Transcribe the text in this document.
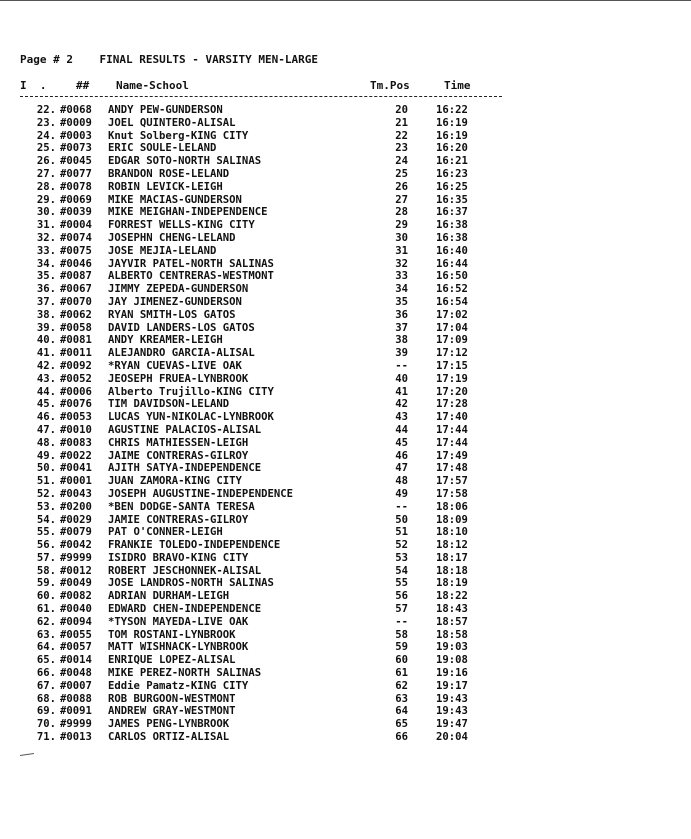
Page # 2 FINAL RESULTS - VARSITY MEN-LARGE
I  .	## Name-School	Tm.Pos	Time
22. #0068 ANDY PEW-GUNDERSON	20	16:22
23. #0009 JOEL QUINTERO-ALISAL	21	16:19
24. #0003 Knut Solberg-KING CITY	22	16:19
25. #0073 ERIC SOULE-LELAND	23	16:20
26. #0045 EDGAR SOTO-NORTH SALINAS	24	16:21
27. #0077 BRANDON ROSE-LELAND	25	16:23
28. #0078 ROBIN LEVICK-LEIGH	26	16:25
29. #0069 MIKE MACIAS-GUNDERSON	27	16:35
30. #0039 MIKE MEIGHAN-INDEPENDENCE	28	16:37
31. #0004 FORREST WELLS-KING CITY	29	16:38
32. #0074 JOSEPHN CHENG-LELAND	30	16:38
33. #0075 JOSE MEJIA-LELAND	31	16:40
34. #0046 JAYVIR PATEL-NORTH SALINAS	32	16:44
35. #0087 ALBERTO CENTRERAS-WESTMONT	33	16:50
36. #0067 JIMMY ZEPEDA-GUNDERSON	34	16:52
37. #0070 JAY JIMENEZ-GUNDERSON	35	16:54
38. #0062 RYAN SMITH-LOS GATOS	36	17:02
39. #0058 DAVID LANDERS-LOS GATOS	37	17:04
40. #0081 ANDY KREAMER-LEIGH	38	17:09
41. #0011 ALEJANDRO GARCIA-ALISAL	39	17:12
42. #0092 *RYAN CUEVAS-LIVE OAK	--	17:15
43. #0052 JEOSEPH FRUEA-LYNBROOK	40	17:19
44. #0006 Alberto Trujillo-KING CITY	41	17:20
45. #0076 TIM DAVIDSON-LELAND	42	17:28
46. #0053 LUCAS YUN-NIKOLAC-LYNBROOK	43	17:40
47. #0010 AGUSTINE PALACIOS-ALISAL	44	17:44
48. #0083 CHRIS MATHIESSEN-LEIGH	45	17:44
49. #0022 JAIME CONTRERAS-GILROY	46	17:49
50. #0041 AJITH SATYA-INDEPENDENCE	47	17:48
51. #0001 JUAN ZAMORA-KING CITY	48	17:57
52. #0043 JOSEPH AUGUSTINE-INDEPENDENCE	49	17:58
53. #0200 *BEN DODGE-SANTA TERESA	--	18:06
54. #0029 JAMIE CONTRERAS-GILROY	50	18:09
55. #0079 PAT O'CONNER-LEIGH	51	18:10
56. #0042 FRANKIE TOLEDO-INDEPENDENCE	52	18:12
57. #9999 ISIDRO BRAVO-KING CITY	53	18:17
58. #0012 ROBERT JESCHONNEK-ALISAL	54	18:18
59. #0049 JOSE LANDROS-NORTH SALINAS	55	18:19
60. #0082 ADRIAN DURHAM-LEIGH	56	18:22
61. #0040 EDWARD CHEN-INDEPENDENCE	57	18:43
62. #0094 *TYSON MAYEDA-LIVE OAK	--	18:57
63. #0055 TOM ROSTANI-LYNBROOK	58	18:58
64. #0057 MATT WISHNACK-LYNBROOK	59	19:03
65. #0014 ENRIQUE LOPEZ-ALISAL	60	19:08
66. #0048 MIKE PEREZ-NORTH SALINAS	61	19:16
67. #0007 Eddie Pamatz-KING CITY	62	19:17
68. #0088 ROB BURGOON-WESTMONT	63	19:43
69. #0091 ANDREW GRAY-WESTMONT	64	19:43
70. #9999 JAMES PENG-LYNBROOK	65	19:47
71. #0013 CARLOS ORTIZ-ALISAL	66	20:04
